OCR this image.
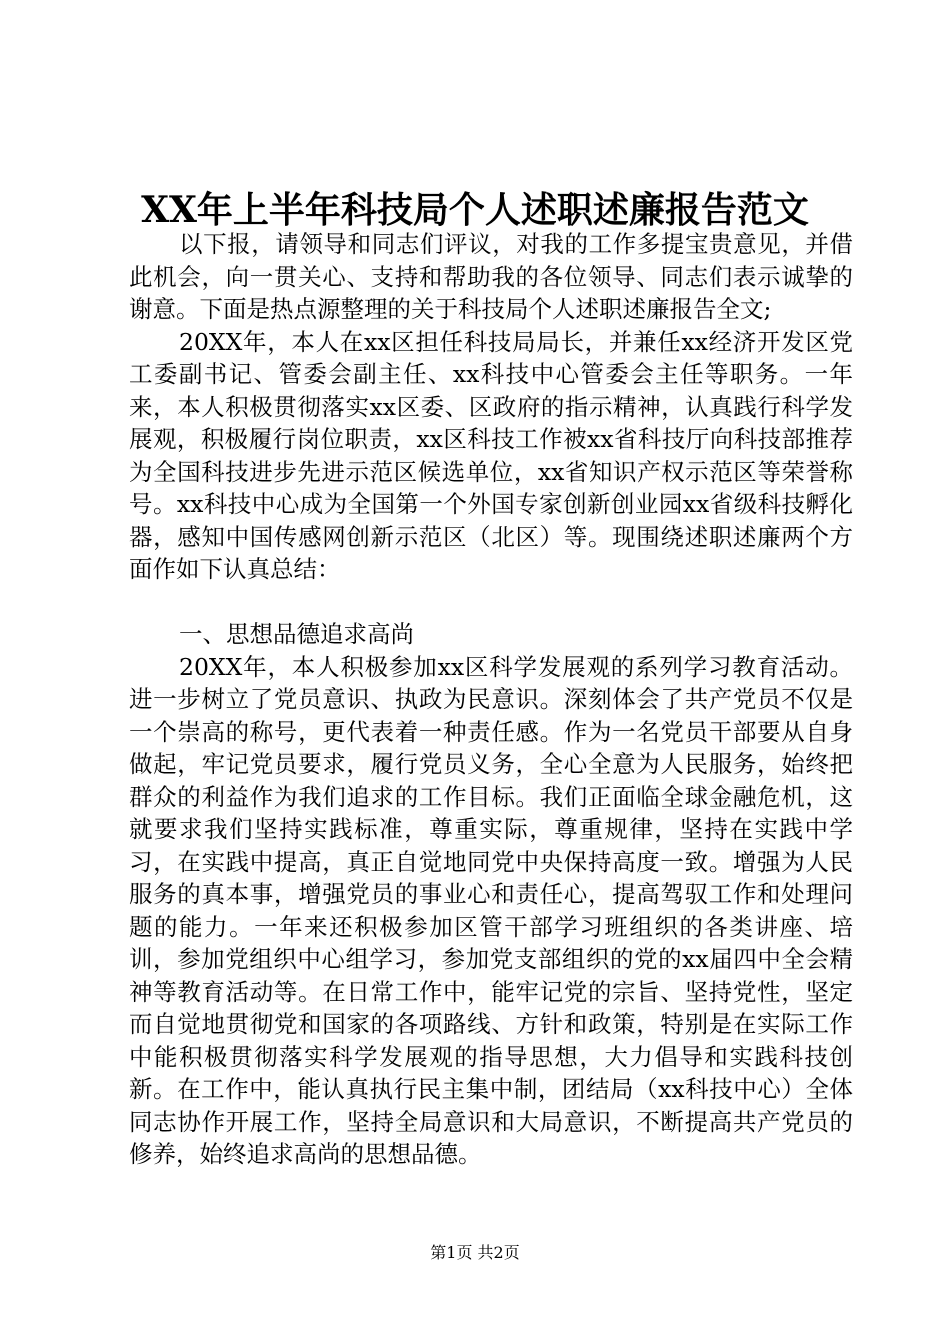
XX年上半年科技局个人述职述廉报告范文

以下报，请领导和同志们评议，对我的工作多提宝贵意见，并借此机会，向一贯关心、支持和帮助我的各位领导、同志们表示诚挚的谢意。下面是热点源整理的关于科技局个人述职述廉报告全文;

20XX年，本人在xx区担任科技局局长，并兼任xx经济开发区党工委副书记、管委会副主任、xx科技中心管委会主任等职务。一年来，本人积极贯彻落实xx区委、区政府的指示精神，认真践行科学发展观，积极履行岗位职责，xx区科技工作被xx省科技厅向科技部推荐为全国科技进步先进示范区候选单位，xx省知识产权示范区等荣誉称号。xx科技中心成为全国第一个外国专家创新创业园xx省级科技孵化器，感知中国传感网创新示范区（北区）等。现围绕述职述廉两个方面作如下认真总结：

一、思想品德追求高尚

20XX年，本人积极参加xx区科学发展观的系列学习教育活动。进一步树立了党员意识、执政为民意识。深刻体会了共产党员不仅是一个崇高的称号，更代表着一种责任感。作为一名党员干部要从自身做起，牢记党员要求，履行党员义务，全心全意为人民服务，始终把群众的利益作为我们追求的工作目标。我们正面临全球金融危机，这就要求我们坚持实践标准，尊重实际，尊重规律，坚持在实践中学习，在实践中提高，真正自觉地同党中央保持高度一致。增强为人民服务的真本事，增强党员的事业心和责任心，提高驾驭工作和处理问题的能力。一年来还积极参加区管干部学习班组织的各类讲座、培训，参加党组织中心组学习，参加党支部组织的党的xx届四中全会精神等教育活动等。在日常工作中，能牢记党的宗旨、坚持党性，坚定而自觉地贯彻党和国家的各项路线、方针和政策，特别是在实际工作中能积极贯彻落实科学发展观的指导思想，大力倡导和实践科技创新。在工作中，能认真执行民主集中制，团结局（xx科技中心）全体同志协作开展工作，坚持全局意识和大局意识，不断提高共产党员的修养，始终追求高尚的思想品德。

第1页 共2页
